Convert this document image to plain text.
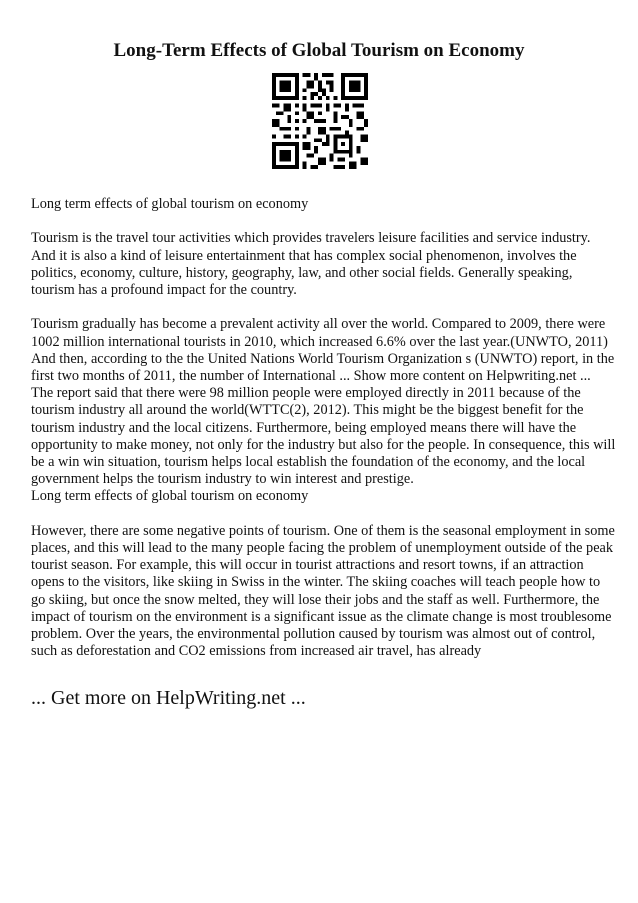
Long-Term Effects of Global Tourism on Economy

Long term effects of global tourism on economy

Tourism is the travel tour activities which provides travelers leisure facilities and service industry. And it is also a kind of leisure entertainment that has complex social phenomenon, involves the politics, economy, culture, history, geography, law, and other social fields. Generally speaking, tourism has a profound impact for the country.

Tourism gradually has become a prevalent activity all over the world. Compared to 2009, there were 1002 million international tourists in 2010, which increased 6.6% over the last year.(UNWTO, 2011) And then, according to the the United Nations World Tourism Organization s (UNWTO) report, in the first two months of 2011, the number of International ... Show more content on Helpwriting.net ...

The report said that there were 98 million people were employed directly in 2011 because of the tourism industry all around the world(WTTC(2), 2012). This might be the biggest benefit for the tourism industry and the local citizens. Furthermore, being employed means there will have the opportunity to make money, not only for the industry but also for the people. In consequence, this will be a win win situation, tourism helps local establish the foundation of the economy, and the local government helps the tourism industry to win interest and prestige.

Long term effects of global tourism on economy

However, there are some negative points of tourism. One of them is the seasonal employment in some places, and this will lead to the many people facing the problem of unemployment outside of the peak tourist season. For example, this will occur in tourist attractions and resort towns, if an attraction opens to the visitors, like skiing in Swiss in the winter. The skiing coaches will teach people how to go skiing, but once the snow melted, they will lose their jobs and the staff as well. Furthermore, the impact of tourism on the environment is a significant issue as the climate change is most troublesome problem. Over the years, the environmental pollution caused by tourism was almost out of control, such as deforestation and CO2 emissions from increased air travel, has already

... Get more on HelpWriting.net ...
